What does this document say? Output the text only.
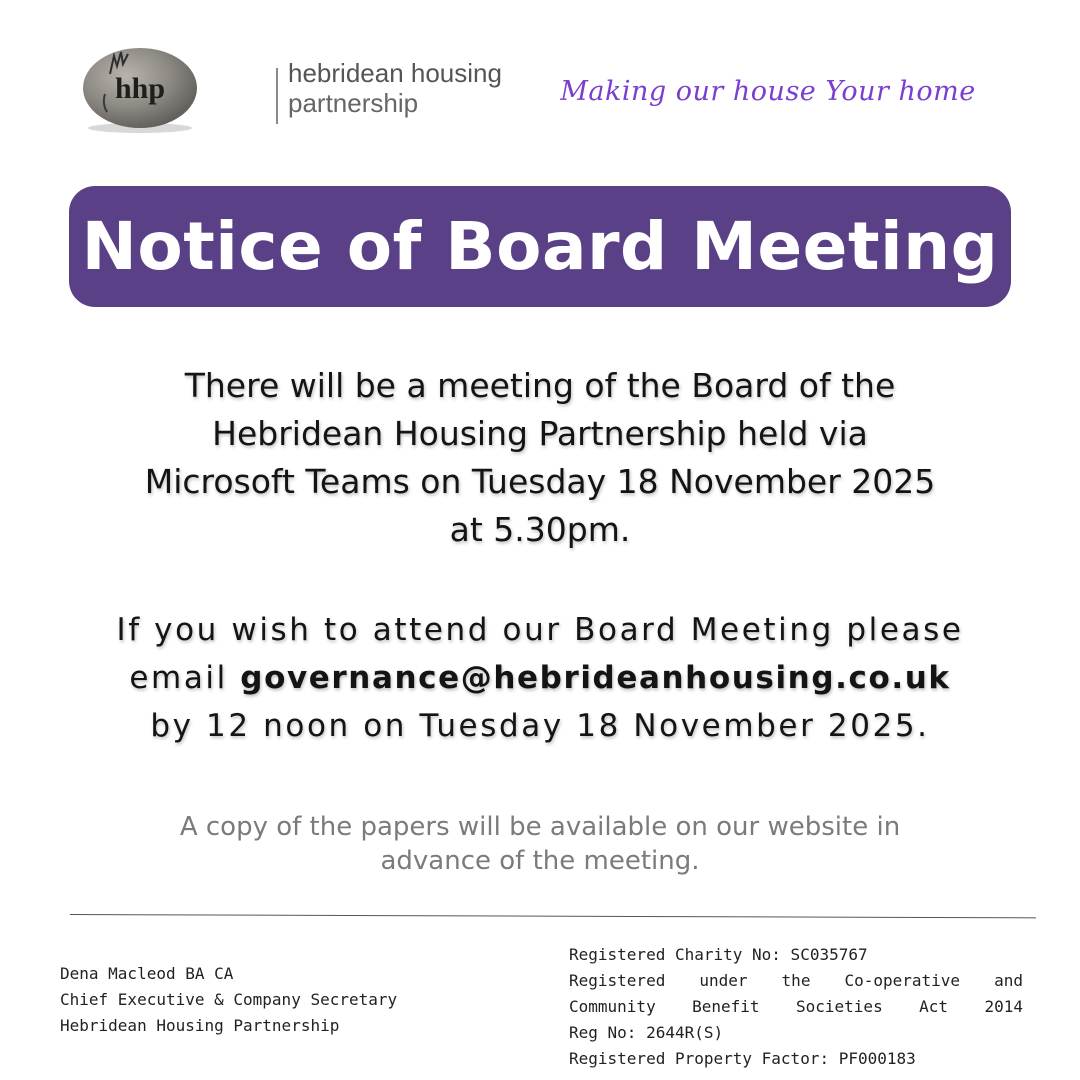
hhp	hebridean housing
partnership	Making our house Your home
Notice of Board Meeting
There will be a meeting of the Board of the
Hebridean Housing Partnership held via
Microsoft Teams on Tuesday 18 November 2025
at 5.30pm.
If you wish to attend our Board Meeting please
email governance@hebrideanhousing.co.uk
by 12 noon on Tuesday 18 November 2025.
A copy of the papers will be available on our website in
advance of the meeting.
Dena Macleod BA CA
Chief Executive & Company Secretary
Hebridean Housing Partnership
Registered Charity No: SC035767
Registered under the Co-operative and
Community Benefit Societies Act 2014
Reg No: 2644R(S)
Registered Property Factor: PF000183
